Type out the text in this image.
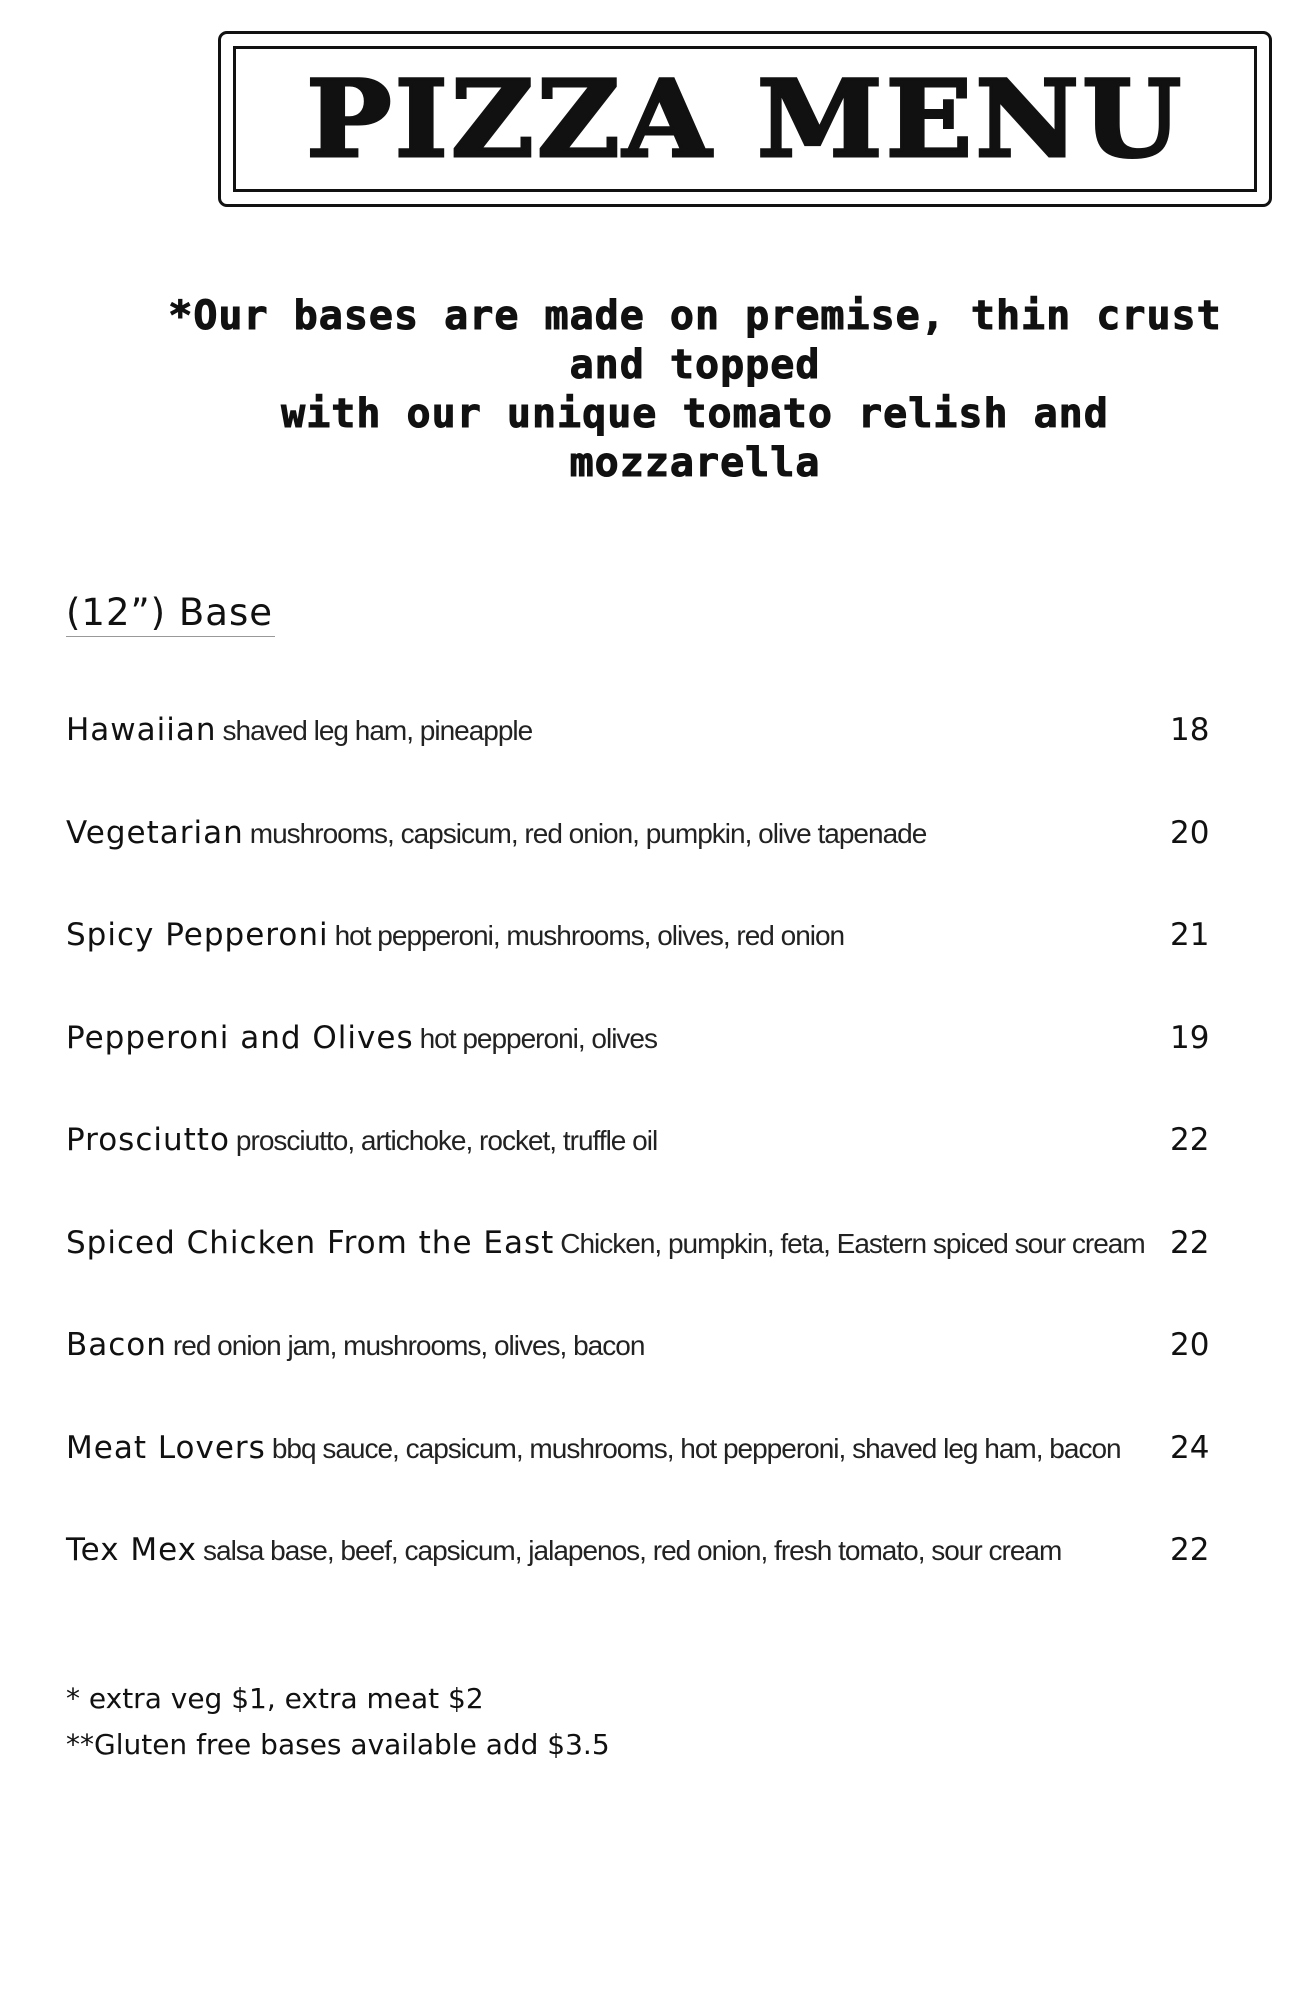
PIZZA MENU
*Our bases are made on premise, thin crust and topped
with our unique tomato relish and mozzarella
(12”) Base
Hawaiian shaved leg ham, pineapple	18
Vegetarian mushrooms, capsicum, red onion, pumpkin, olive tapenade	20
Spicy Pepperoni hot pepperoni, mushrooms, olives, red onion	21
Pepperoni and Olives hot pepperoni, olives	19
Prosciutto prosciutto, artichoke, rocket, truffle oil	22
Spiced Chicken From the East Chicken, pumpkin, feta, Eastern spiced sour cream 22
Bacon red onion jam, mushrooms, olives, bacon	20
Meat Lovers bbq sauce, capsicum, mushrooms, hot pepperoni, shaved leg ham, bacon 24
Tex Mex salsa base, beef, capsicum, jalapenos, red onion, fresh tomato, sour cream	22
* extra veg $1, extra meat $2
**Gluten free bases available add $3.5
